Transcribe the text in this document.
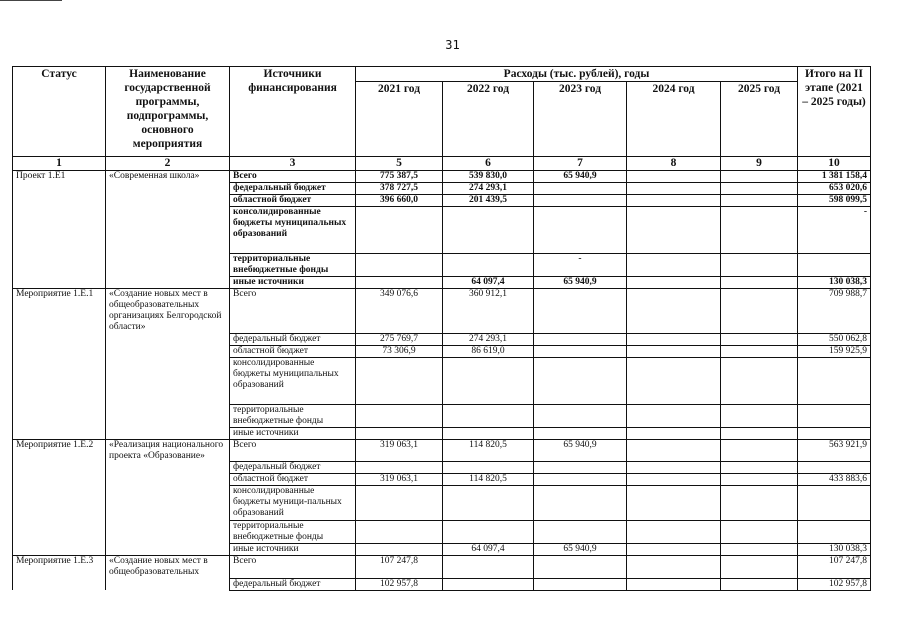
31
Статус	Наименование государственной программы, подпрограммы, основного мероприятия	Источники финансирования	Расходы (тыс. рублей), годы					Итого на II этапе (2021 – 2025 годы)
			2021 год	2022 год	2023 год	2024 год	2025 год	
1	2	3	5	6	7	8	9	10
Проект 1.Е1	«Современная школа»	Всего	775 387,5	539 830,0	65 940,9			1 381 158,4
		федеральный бюджет	378 727,5	274 293,1				653 020,6
		областной бюджет	396 660,0	201 439,5				598 099,5
		консолидированные бюджеты муниципальных образований						-
		территориальные внебюджетные фонды			-			
		иные источники		64 097,4	65 940,9			130 038,3
Мероприятие 1.Е.1	«Создание новых мест в общеобразовательных организациях Белгородской области»	Всего	349 076,6	360 912,1				709 988,7
		федеральный бюджет	275 769,7	274 293,1				550 062,8
		областной бюджет	73 306,9	86 619,0				159 925,9
		консолидированные бюджеты муниципальных образований						
		территориальные внебюджетные фонды						
		иные источники						
Мероприятие 1.Е.2	«Реализация национального проекта «Образование»	Всего	319 063,1	114 820,5	65 940,9			563 921,9
		федеральный бюджет						
		областной бюджет	319 063,1	114 820,5				433 883,6
		консолидированные бюджеты муници-пальных образований						
		территориальные внебюджетные фонды						
		иные источники		64 097,4	65 940,9			130 038,3
Мероприятие 1.Е.3	«Создание новых мест в общеобразовательных	Всего	107 247,8					107 247,8
		федеральный бюджет	102 957,8					102 957,8
